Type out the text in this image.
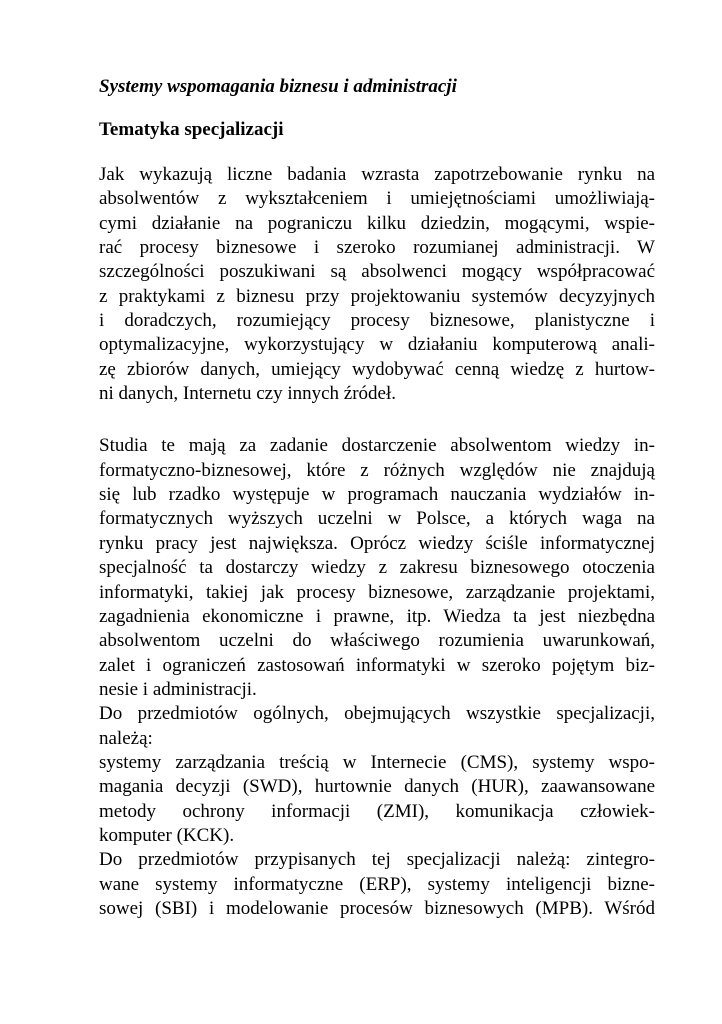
Systemy wspomagania biznesu i administracji
Tematyka specjalizacji
Jak wykazują liczne badania wzrasta zapotrzebowanie rynku na
absolwentów z wykształceniem i umiejętnościami umożliwiają-
cymi działanie na pograniczu kilku dziedzin, mogącymi, wspie-
rać procesy biznesowe i szeroko rozumianej administracji. W
szczególności poszukiwani są absolwenci mogący współpracować
z praktykami z biznesu przy projektowaniu systemów decyzyjnych
i doradczych, rozumiejący procesy biznesowe, planistyczne i
optymalizacyjne, wykorzystujący w działaniu komputerową anali-
zę zbiorów danych, umiejący wydobywać cenną wiedzę z hurtow-
ni danych, Internetu czy innych źródeł.
Studia te mają za zadanie dostarczenie absolwentom wiedzy in-
formatyczno-biznesowej, które z różnych względów nie znajdują
się lub rzadko występuje w programach nauczania wydziałów in-
formatycznych wyższych uczelni w Polsce, a których waga na
rynku pracy jest największa. Oprócz wiedzy ściśle informatycznej
specjalność ta dostarczy wiedzy z zakresu biznesowego otoczenia
informatyki, takiej jak procesy biznesowe, zarządzanie projektami,
zagadnienia ekonomiczne i prawne, itp. Wiedza ta jest niezbędna
absolwentom uczelni do właściwego rozumienia uwarunkowań,
zalet i ograniczeń zastosowań informatyki w szeroko pojętym biz-
nesie i administracji.
Do przedmiotów ogólnych, obejmujących wszystkie specjalizacji,
należą:
systemy zarządzania treścią w Internecie (CMS), systemy wspo-
magania decyzji (SWD), hurtownie danych (HUR), zaawansowane
metody ochrony informacji (ZMI), komunikacja człowiek-
komputer (KCK).
Do przedmiotów przypisanych tej specjalizacji należą: zintegro-
wane systemy informatyczne (ERP), systemy inteligencji bizne-
sowej (SBI) i modelowanie procesów biznesowych (MPB). Wśród
